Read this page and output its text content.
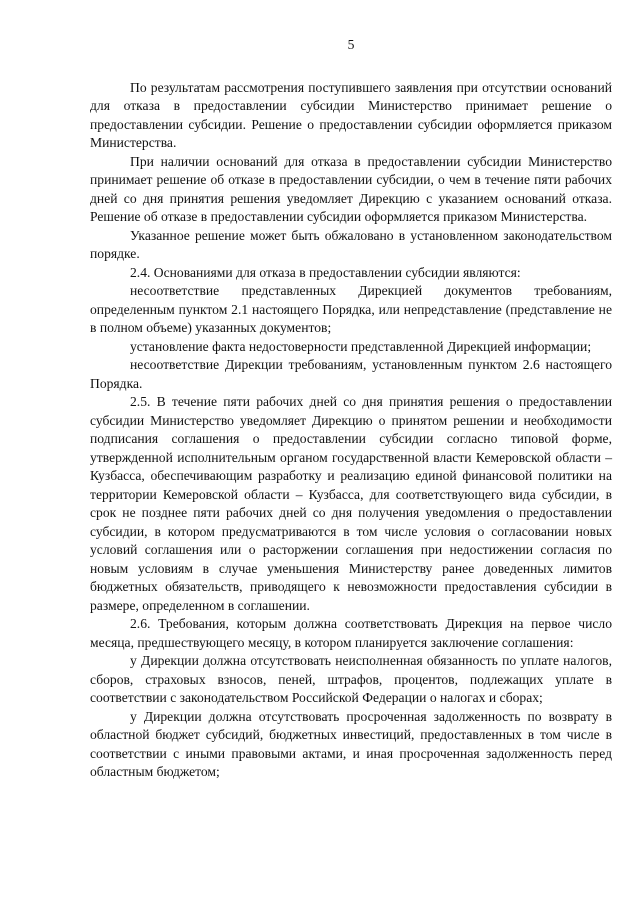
5

По результатам рассмотрения поступившего заявления при отсутствии оснований для отказа в предоставлении субсидии Министерство принимает решение о предоставлении субсидии. Решение о предоставлении субсидии оформляется приказом Министерства.

При наличии оснований для отказа в предоставлении субсидии Министерство принимает решение об отказе в предоставлении субсидии, о чем в течение пяти рабочих дней со дня принятия решения уведомляет Дирекцию с указанием оснований отказа. Решение об отказе в предоставлении субсидии оформляется приказом Министерства.

Указанное решение может быть обжаловано в установленном законодательством порядке.

2.4. Основаниями для отказа в предоставлении субсидии являются:

несоответствие представленных Дирекцией документов требованиям, определенным пунктом 2.1 настоящего Порядка, или непредставление (представление не в полном объеме) указанных документов;

установление факта недостоверности представленной Дирекцией информации;

несоответствие Дирекции требованиям, установленным пунктом 2.6 настоящего Порядка.

2.5. В течение пяти рабочих дней со дня принятия решения о предоставлении субсидии Министерство уведомляет Дирекцию о принятом решении и необходимости подписания соглашения о предоставлении субсидии согласно типовой форме, утвержденной исполнительным органом государственной власти Кемеровской области – Кузбасса, обеспечивающим разработку и реализацию единой финансовой политики на территории Кемеровской области – Кузбасса, для соответствующего вида субсидии, в срок не позднее пяти рабочих дней со дня получения уведомления о предоставлении субсидии, в котором предусматриваются в том числе условия о согласовании новых условий соглашения или о расторжении соглашения при недостижении согласия по новым условиям в случае уменьшения Министерству ранее доведенных лимитов бюджетных обязательств, приводящего к невозможности предоставления субсидии в размере, определенном в соглашении.

2.6. Требования, которым должна соответствовать Дирекция на первое число месяца, предшествующего месяцу, в котором планируется заключение соглашения:

у Дирекции должна отсутствовать неисполненная обязанность по уплате налогов, сборов, страховых взносов, пеней, штрафов, процентов, подлежащих уплате в соответствии с законодательством Российской Федерации о налогах и сборах;

у Дирекции должна отсутствовать просроченная задолженность по возврату в областной бюджет субсидий, бюджетных инвестиций, предоставленных в том числе в соответствии с иными правовыми актами, и иная просроченная задолженность перед областным бюджетом;
